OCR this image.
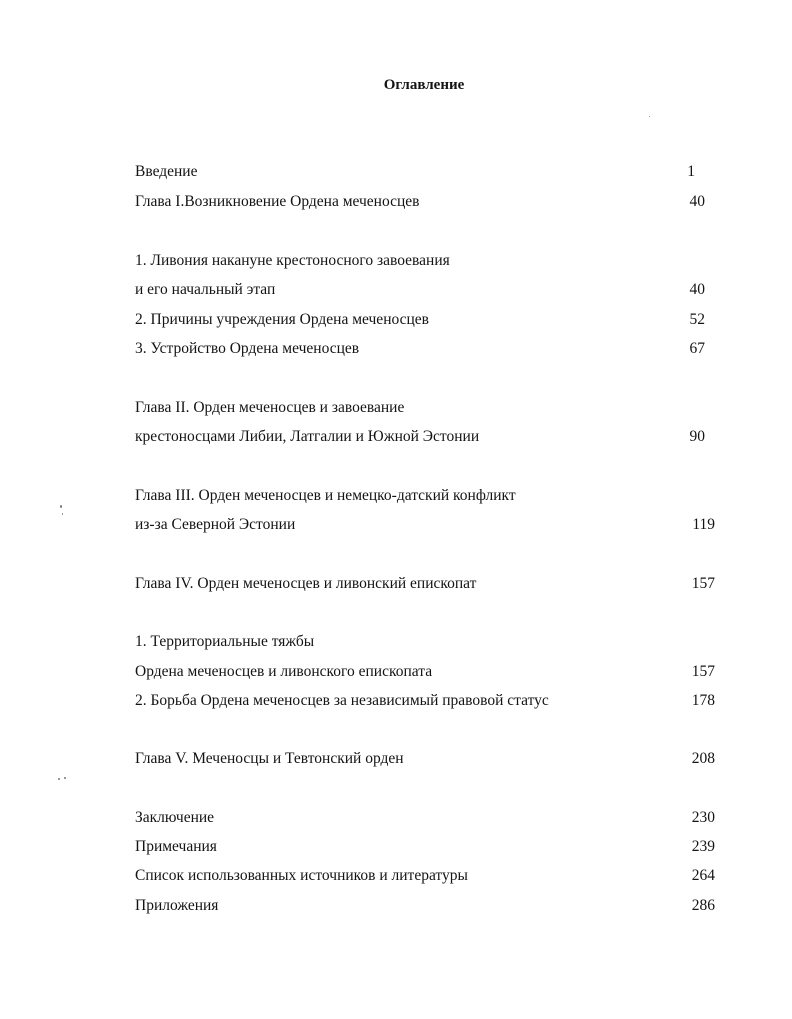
Оглавление
Введение	1
Глава I.Возникновение Ордена меченосцев	40
1. Ливония накануне крестоносного завоевания
и его начальный этап	40
2. Причины учреждения Ордена меченосцев	52
3. Устройство Ордена меченосцев	67
Глава II. Орден меченосцев и завоевание
крестоносцами Либии, Латгалии и Южной Эстонии	90
Глава III. Орден меченосцев и немецко-датский конфликт
из-за Северной Эстонии	119
Глава IV. Орден меченосцев и ливонский епископат	157
1. Территориальные тяжбы
Ордена меченосцев и ливонского епископата	157
2. Борьба Ордена меченосцев за независимый правовой статус	178
Глава V. Меченосцы и Тевтонский орден	208
Заключение	230
Примечания	239
Список использованных источников и литературы	264
Приложения	286
